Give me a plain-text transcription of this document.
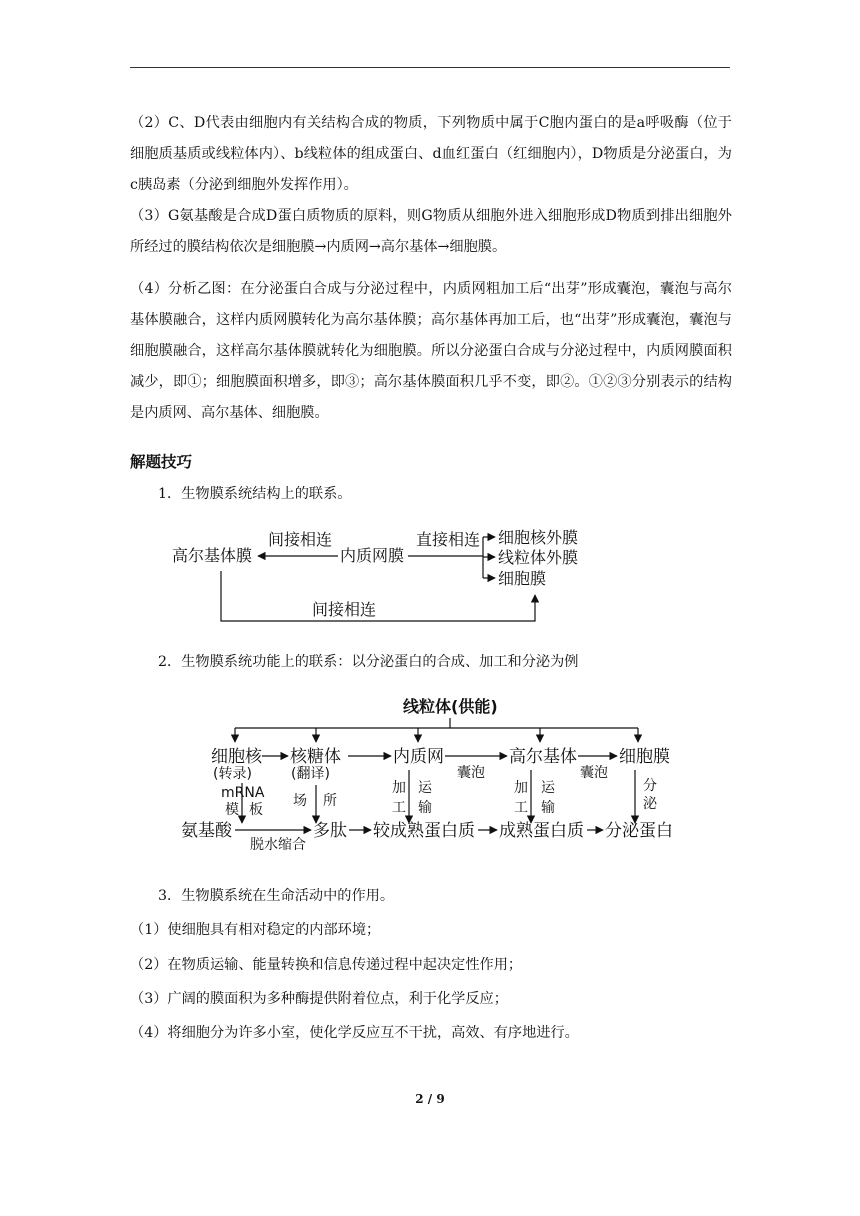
（2）C、D代表由细胞内有关结构合成的物质，下列物质中属于C胞内蛋白的是a呼吸酶（位于细胞质基质或线粒体内）、b线粒体的组成蛋白、d血红蛋白（红细胞内），D物质是分泌蛋白，为c胰岛素（分泌到细胞外发挥作用）。

（3）G氨基酸是合成D蛋白质物质的原料，则G物质从细胞外进入细胞形成D物质到排出细胞外所经过的膜结构依次是细胞膜→内质网→高尔基体→细胞膜。

（4）分析乙图：在分泌蛋白合成与分泌过程中，内质网粗加工后“出芽”形成囊泡，囊泡与高尔基体膜融合，这样内质网膜转化为高尔基体膜；高尔基体再加工后，也“出芽”形成囊泡，囊泡与细胞膜融合，这样高尔基体膜就转化为细胞膜。所以分泌蛋白合成与分泌过程中，内质网膜面积减少，即①；细胞膜面积增多，即③；高尔基体膜面积几乎不变，即②。①②③分别表示的结构是内质网、高尔基体、细胞膜。

解题技巧
1．生物膜系统结构上的联系。
高尔基体膜
间接相连
内质网膜
直接相连 细胞核外膜
线粒体外膜
细胞膜
间接相连
2．生物膜系统功能上的联系：以分泌蛋白的合成、加工和分泌为例
线粒体(供能)
细胞核
(转录)
核糖体
(翻译)
内质网
囊泡
高尔基体
囊泡
细胞膜
mRNA
模 板
场 所
加
工
运
输
加
工
运
输
分
泌
氨基酸
脱水缩合
多肽 较成熟蛋白质 成熟蛋白质 分泌蛋白
3．生物膜系统在生命活动中的作用。
（1）使细胞具有相对稳定的内部环境；
（2）在物质运输、能量转换和信息传递过程中起决定性作用；
（3）广阔的膜面积为多种酶提供附着位点，利于化学反应；
（4）将细胞分为许多小室，使化学反应互不干扰，高效、有序地进行。
2 / 9
